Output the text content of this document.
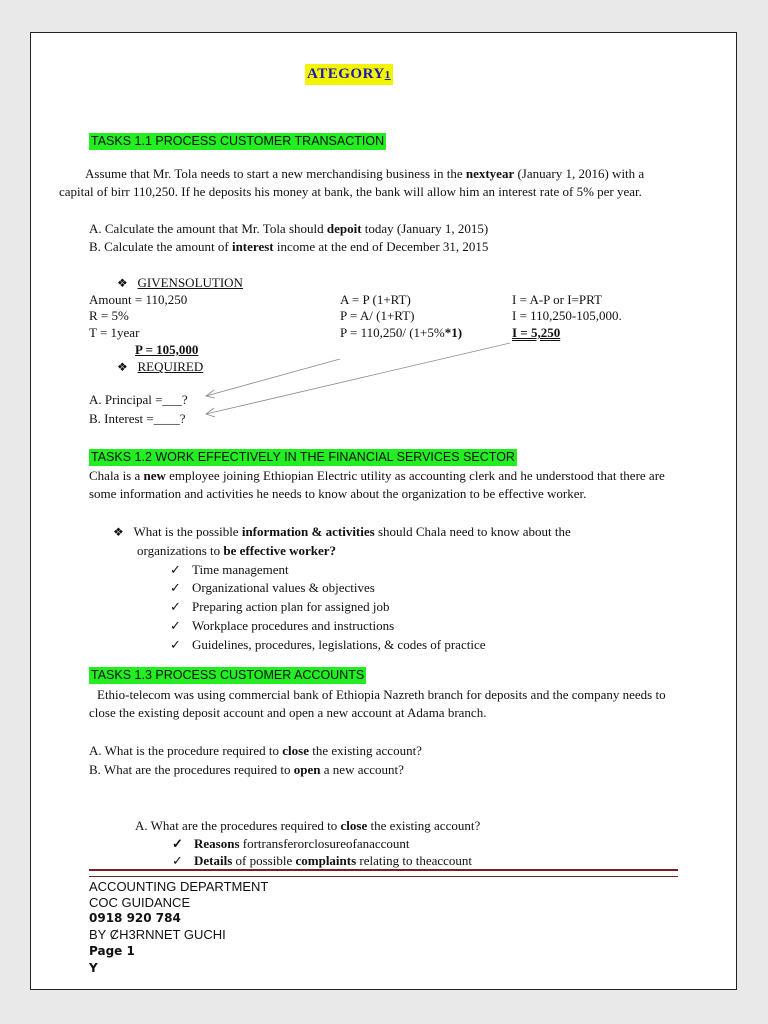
ATEGORY1
TASKS 1.1 PROCESS CUSTOMER TRANSACTION
Assume that Mr. Tola needs to start a new merchandising business in the nextyear (January 1, 2016) with a capital of birr 110,250. If he deposits his money at bank, the bank will allow him an interest rate of 5% per year.
A. Calculate the amount that Mr. Tola should depoit today (January 1, 2015)
B. Calculate the amount of interest income at the end of December 31, 2015
❖ GIVENSOLUTION
Amount = 110,250
R = 5%
T = 1year
P = 105,000
❖ REQUIRED
A. Principal =___?
B. Interest =____?
A = P (1+RT)
P = A/ (1+RT)
P = 110,250/ (1+5%*1)
I = A-P or I=PRT
I = 110,250-105,000.
I = 5,250
TASKS 1.2 WORK EFFECTIVELY IN THE FINANCIAL SERVICES SECTOR
Chala is a new employee joining Ethiopian Electric utility as accounting clerk and he understood that there are some information and activities he needs to know about the organization to be effective worker.
❖ What is the possible information & activities should Chala need to know about the
organizations to be effective worker?
✓ Time management
✓ Organizational values & objectives
✓ Preparing action plan for assigned job
✓ Workplace procedures and instructions
✓ Guidelines, procedures, legislations, & codes of practice
TASKS 1.3 PROCESS CUSTOMER ACCOUNTS
Ethio-telecom was using commercial bank of Ethiopia Nazreth branch for deposits and the company needs to close the existing deposit account and open a new account at Adama branch.
A. What is the procedure required to close the existing account?
B. What are the procedures required to open a new account?
A. What are the procedures required to close the existing account?
✓ Reasons fortransferorclosureofanaccount
✓ Details of possible complaints relating to theaccount
ACCOUNTING DEPARTMENT
COC GUIDANCE
0918 920 784
BY ȻH3RNNET GUCHI
Page 1
Y
